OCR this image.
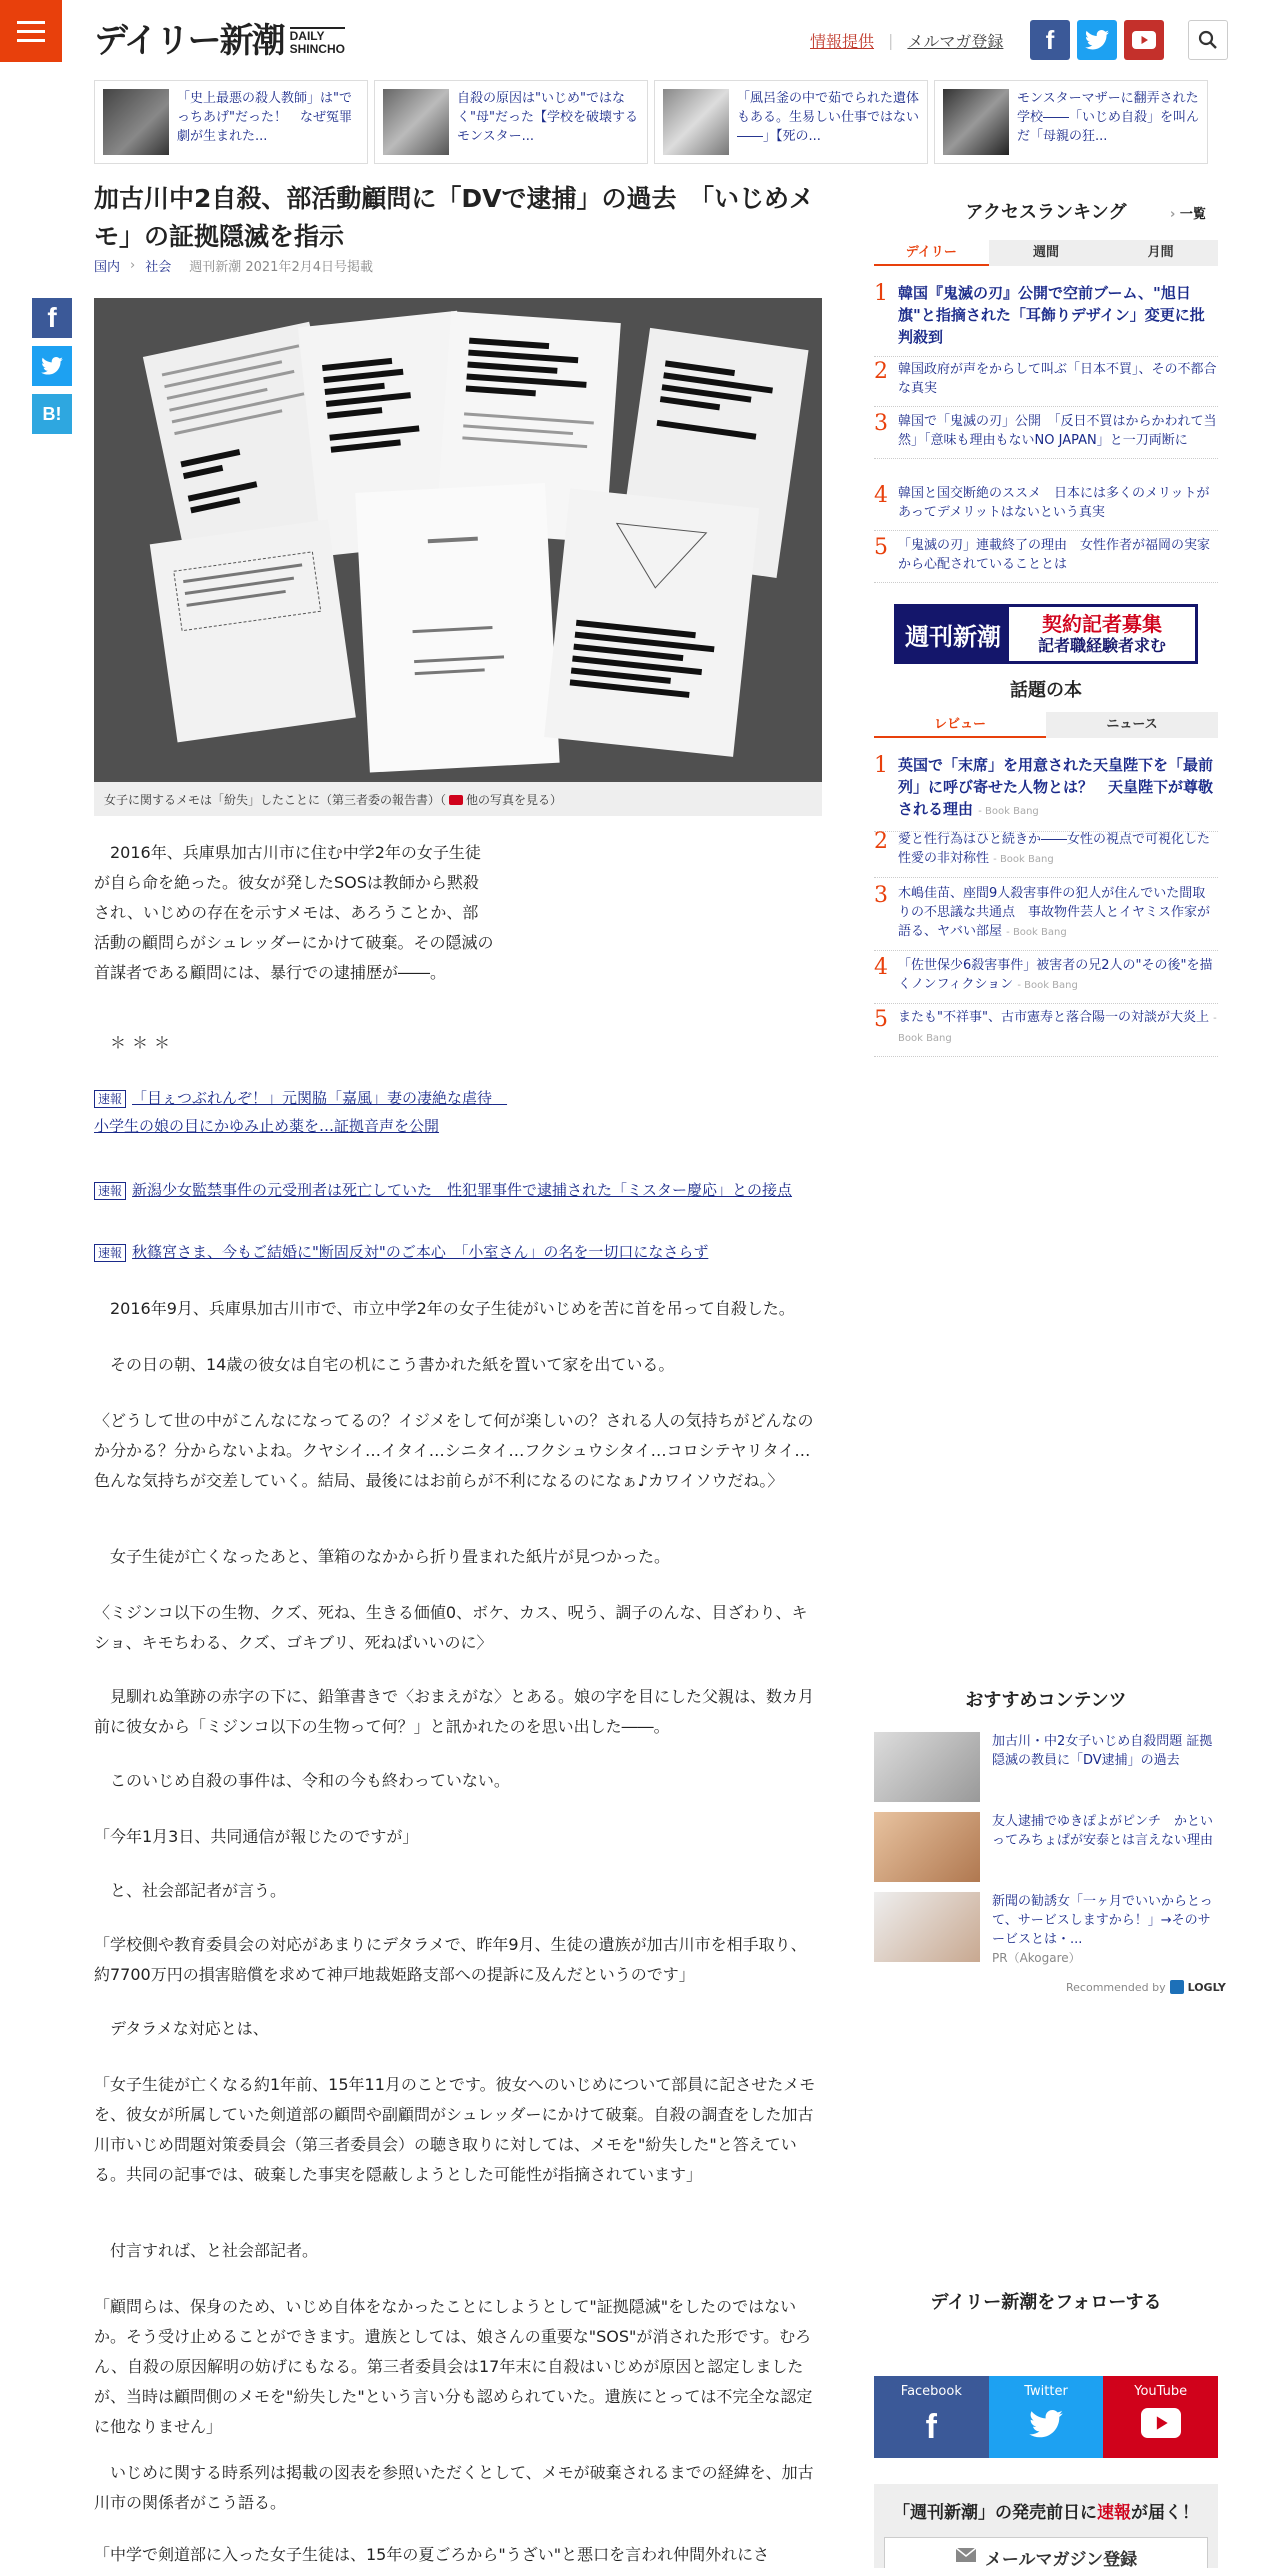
デイリー新潮 DAILY
SHINCHO	情報提供 | メルマガ登録	f
「史上最悪の殺人教師」は"でっちあげ"だった！　なぜ冤罪劇が生まれた...
自殺の原因は"いじめ"ではなく"母"だった【学校を破壊するモンスター...
「風呂釜の中で茹でられた遺体もある。生易しい仕事ではない――」【死の...
モンスターマザーに翻弄された学校――「いじめ自殺」を叫んだ「母親の狂...
加古川中2自殺、部活動顧問に「DVで逮捕」の過去　「いじめメモ」の証拠隠滅を指示
国内 › 社会 週刊新潮 2021年2月4日号掲載
f
B!
女子に関するメモは「紛失」したことに（第三者委の報告書）（ 他の写真を見る）
2016年、兵庫県加古川市に住む中学2年の女子生徒が自ら命を絶った。彼女が発したSOSは教師から黙殺され、いじめの存在を示すメモは、あろうことか、部活動の顧問らがシュレッダーにかけて破棄。その隠滅の首謀者である顧問には、暴行での逮捕歴が――。
＊＊＊
速報 「目ぇつぶれんぞ！」元関脇「嘉風」妻の凄絶な虐待　小学生の娘の目にかゆみ止め薬を…証拠音声を公開
速報 新潟少女監禁事件の元受刑者は死亡していた　性犯罪事件で逮捕された「ミスター慶応」との接点
速報 秋篠宮さま、今もご結婚に"断固反対"のご本心　「小室さん」の名を一切口になさらず
2016年9月、兵庫県加古川市で、市立中学2年の女子生徒がいじめを苦に首を吊って自殺した。
その日の朝、14歳の彼女は自宅の机にこう書かれた紙を置いて家を出ている。
〈どうして世の中がこんなになってるの？イジメをして何が楽しいの？される人の気持ちがどんなのか分かる？分からないよね。クヤシイ…イタイ…シニタイ…フクシュウシタイ…コロシテヤリタイ…色んな気持ちが交差していく。結局、最後にはお前らが不利になるのになぁ♪カワイソウだね。〉
女子生徒が亡くなったあと、筆箱のなかから折り畳まれた紙片が見つかった。
〈ミジンコ以下の生物、クズ、死ね、生きる価値0、ボケ、カス、呪う、調子のんな、目ざわり、キショ、キモちわる、クズ、ゴキブリ、死ねばいいのに〉
見馴れぬ筆跡の赤字の下に、鉛筆書きで〈おまえがな〉とある。娘の字を目にした父親は、数カ月前に彼女から「ミジンコ以下の生物って何？」と訊かれたのを思い出した――。
このいじめ自殺の事件は、令和の今も終わっていない。
「今年1月3日、共同通信が報じたのですが」
と、社会部記者が言う。
「学校側や教育委員会の対応があまりにデタラメで、昨年9月、生徒の遺族が加古川市を相手取り、約7700万円の損害賠償を求めて神戸地裁姫路支部への提訴に及んだというのです」
デタラメな対応とは、
「女子生徒が亡くなる約1年前、15年11月のことです。彼女へのいじめについて部員に記させたメモを、彼女が所属していた剣道部の顧問や副顧問がシュレッダーにかけて破棄。自殺の調査をした加古川市いじめ問題対策委員会（第三者委員会）の聴き取りに対しては、メモを"紛失した"と答えている。共同の記事では、破棄した事実を隠蔽しようとした可能性が指摘されています」
付言すれば、と社会部記者。
「顧問らは、保身のため、いじめ自体をなかったことにしようとして"証拠隠滅"をしたのではないか。そう受け止めることができます。遺族としては、娘さんの重要な"SOS"が消された形です。むろん、自殺の原因解明の妨げにもなる。第三者委員会は17年末に自殺はいじめが原因と認定しましたが、当時は顧問側のメモを"紛失した"という言い分も認められていた。遺族にとっては不完全な認定に他なりません」
いじめに関する時系列は掲載の図表を参照いただくとして、メモが破棄されるまでの経緯を、加古川市の関係者がこう語る。
「中学で剣道部に入った女子生徒は、15年の夏ごろから"うざい"と悪口を言われ仲間外れにさ
アクセスランキング	› 一覧
デイリー	週間	月間
1 韓国『鬼滅の刃』公開で空前ブーム、"旭日旗"と指摘された「耳飾りデザイン」変更に批判殺到
2 韓国政府が声をからして叫ぶ「日本不買」、その不都合な真実
3 韓国で「鬼滅の刃」公開　「反日不買はからかわれて当然」「意味も理由もないNO JAPAN」と一刀両断に
4 韓国と国交断絶のススメ　日本には多くのメリットがあってデメリットはないという真実
5 「鬼滅の刃」連載終了の理由　女性作者が福岡の実家から心配されていることとは
週刊新潮	契約記者募集
記者職経験者求む
話題の本
レビュー	ニュース
1 英国で「末席」を用意された天皇陛下を「最前列」に呼び寄せた人物とは？　天皇陛下が尊敬される理由 - Book Bang
2 愛と性行為はひと続きか――女性の視点で可視化した性愛の非対称性 - Book Bang
3 木嶋佳苗、座間9人殺害事件の犯人が住んでいた間取りの不思議な共通点　事故物件芸人とイヤミス作家が語る、ヤバい部屋 - Book Bang
4 「佐世保少6殺害事件」被害者の兄2人の"その後"を描くノンフィクション - Book Bang
5 またも"不祥事"、古市憲寿と落合陽一の対談が大炎上 - Book Bang
おすすめコンテンツ
加古川・中2女子いじめ自殺問題 証拠隠滅の教員に「DV逮捕」の過去
友人逮捕でゆきぽよがピンチ　かといってみちょぱが安泰とは言えない理由
新聞の勧誘女「一ヶ月でいいからとって、サービスしますから！」→そのサービスとは・...
PR（Akogare）
Recommended by LOGLY
デイリー新潮をフォローする
Facebook
f
Twitter	YouTube
「週刊新潮」の発売前日に速報が届く！
メールマガジン登録
